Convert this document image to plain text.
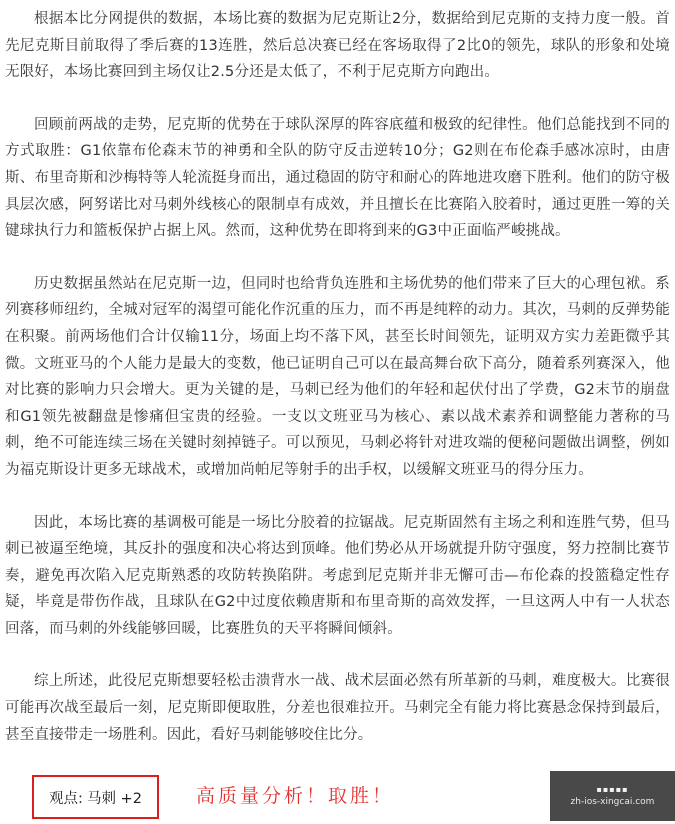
根据本比分网提供的数据，本场比赛的数据为尼克斯让2分，数据给到尼克斯的支持力度一般。首先尼克斯目前取得了季后赛的13连胜，然后总决赛已经在客场取得了2比0的领先，球队的形象和处境无限好，本场比赛回到主场仅让2.5分还是太低了，不利于尼克斯方向跑出。

回顾前两战的走势，尼克斯的优势在于球队深厚的阵容底蕴和极致的纪律性。他们总能找到不同的方式取胜：G1依靠布伦森末节的神勇和全队的防守反击逆转10分；G2则在布伦森手感冰凉时，由唐斯、布里奇斯和沙梅特等人轮流挺身而出，通过稳固的防守和耐心的阵地进攻磨下胜利。他们的防守极具层次感，阿努诺比对马刺外线核心的限制卓有成效，并且擅长在比赛陷入胶着时，通过更胜一筹的关键球执行力和篮板保护占据上风。然而，这种优势在即将到来的G3中正面临严峻挑战。

历史数据虽然站在尼克斯一边，但同时也给背负连胜和主场优势的他们带来了巨大的心理包袱。系列赛移师纽约，全城对冠军的渴望可能化作沉重的压力，而不再是纯粹的动力。其次，马刺的反弹势能在积聚。前两场他们合计仅输11分，场面上均不落下风，甚至长时间领先，证明双方实力差距微乎其微。文班亚马的个人能力是最大的变数，他已证明自己可以在最高舞台砍下高分，随着系列赛深入，他对比赛的影响力只会增大。更为关键的是，马刺已经为他们的年轻和起伏付出了学费，G2末节的崩盘和G1领先被翻盘是惨痛但宝贵的经验。一支以文班亚马为核心、素以战术素养和调整能力著称的马刺，绝不可能连续三场在关键时刻掉链子。可以预见，马刺必将针对进攻端的便秘问题做出调整，例如为福克斯设计更多无球战术，或增加尚帕尼等射手的出手权，以缓解文班亚马的得分压力。

因此，本场比赛的基调极可能是一场比分胶着的拉锯战。尼克斯固然有主场之利和连胜气势，但马刺已被逼至绝境，其反扑的强度和决心将达到顶峰。他们势必从开场就提升防守强度，努力控制比赛节奏，避免再次陷入尼克斯熟悉的攻防转换陷阱。考虑到尼克斯并非无懈可击—布伦森的投篮稳定性存疑，毕竟是带伤作战，且球队在G2中过度依赖唐斯和布里奇斯的高效发挥，一旦这两人中有一人状态回落，而马刺的外线能够回暖，比赛胜负的天平将瞬间倾斜。

综上所述，此役尼克斯想要轻松击溃背水一战、战术层面必然有所革新的马刺，难度极大。比赛很可能再次战至最后一刻，尼克斯即便取胜，分差也很难拉开。马刺完全有能力将比赛悬念保持到最后，甚至直接带走一场胜利。因此，看好马刺能够咬住比分。

观点: 马刺 +2	高质量分析！取胜！	▪▪▪▪▪
zh-ios-xingcai.com
